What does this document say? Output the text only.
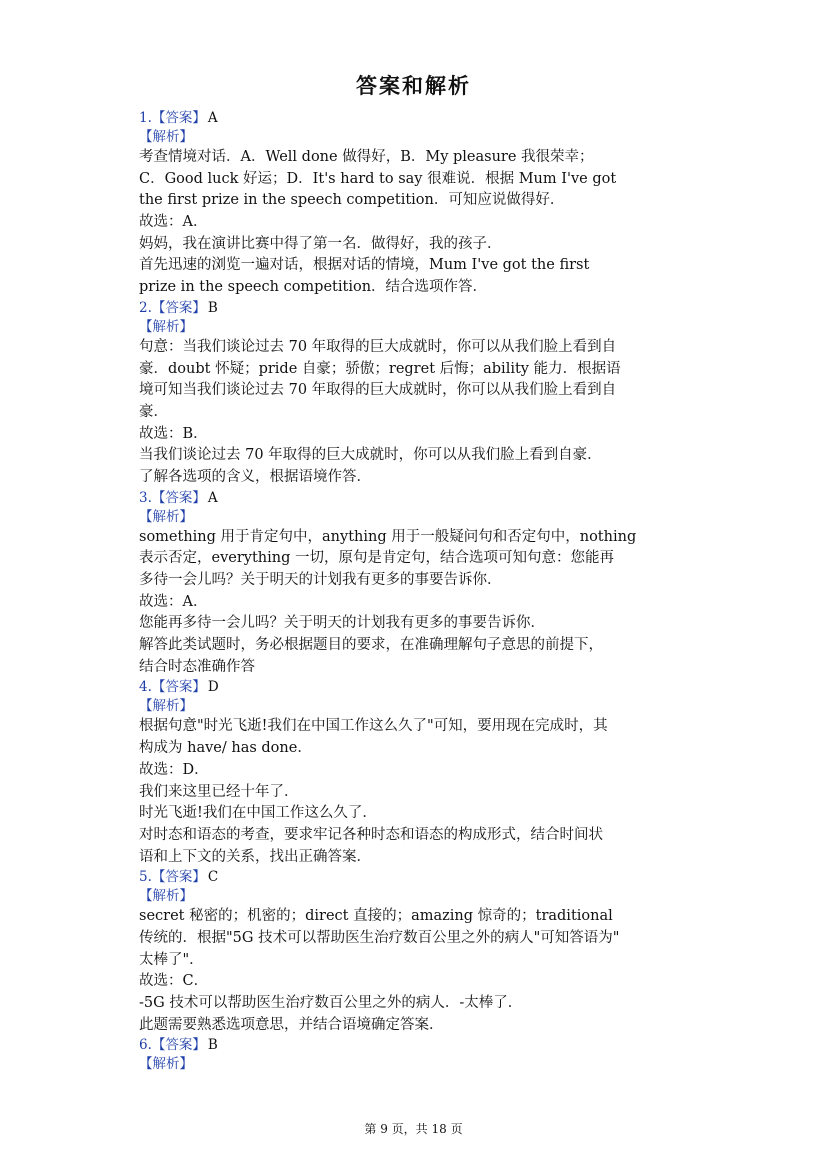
答案和解析
1.【答案】 A
【解析】
考查情境对话．A．Well done 做得好，B．My pleasure 我很荣幸；
C．Good luck 好运；D．It's hard to say 很难说．根据 Mum I've got
the first prize in the speech competition．可知应说做得好．
故选：A．
妈妈，我在演讲比赛中得了第一名．做得好，我的孩子．
首先迅速的浏览一遍对话，根据对话的情境，Mum I've got the first
prize in the speech competition．结合选项作答．
2.【答案】 B
【解析】
句意：当我们谈论过去 70 年取得的巨大成就时，你可以从我们脸上看到自
豪．doubt 怀疑；pride 自豪；骄傲；regret 后悔；ability 能力．根据语
境可知当我们谈论过去 70 年取得的巨大成就时，你可以从我们脸上看到自
豪．
故选：B．
当我们谈论过去 70 年取得的巨大成就时，你可以从我们脸上看到自豪．
了解各选项的含义，根据语境作答．
3.【答案】 A
【解析】
something 用于肯定句中，anything 用于一般疑问句和否定句中，nothing
表示否定，everything 一切，原句是肯定句，结合选项可知句意：您能再
多待一会儿吗？关于明天的计划我有更多的事要告诉你．
故选：A．
您能再多待一会儿吗？关于明天的计划我有更多的事要告诉你．
解答此类试题时，务必根据题目的要求，在准确理解句子意思的前提下，
结合时态准确作答
4.【答案】 D
【解析】
根据句意"时光飞逝!我们在中国工作这么久了"可知，要用现在完成时，其
构成为 have/ has done．
故选：D．
我们来这里已经十年了．
时光飞逝!我们在中国工作这么久了．
对时态和语态的考查，要求牢记各种时态和语态的构成形式，结合时间状
语和上下文的关系，找出正确答案．
5.【答案】 C
【解析】
secret 秘密的；机密的；direct 直接的；amazing 惊奇的；traditional
传统的．根据"5G 技术可以帮助医生治疗数百公里之外的病人"可知答语为"
太棒了"．
故选：C．
-5G 技术可以帮助医生治疗数百公里之外的病人．-太棒了．
此题需要熟悉选项意思，并结合语境确定答案．
6.【答案】 B
【解析】
第 9 页，共 18 页
